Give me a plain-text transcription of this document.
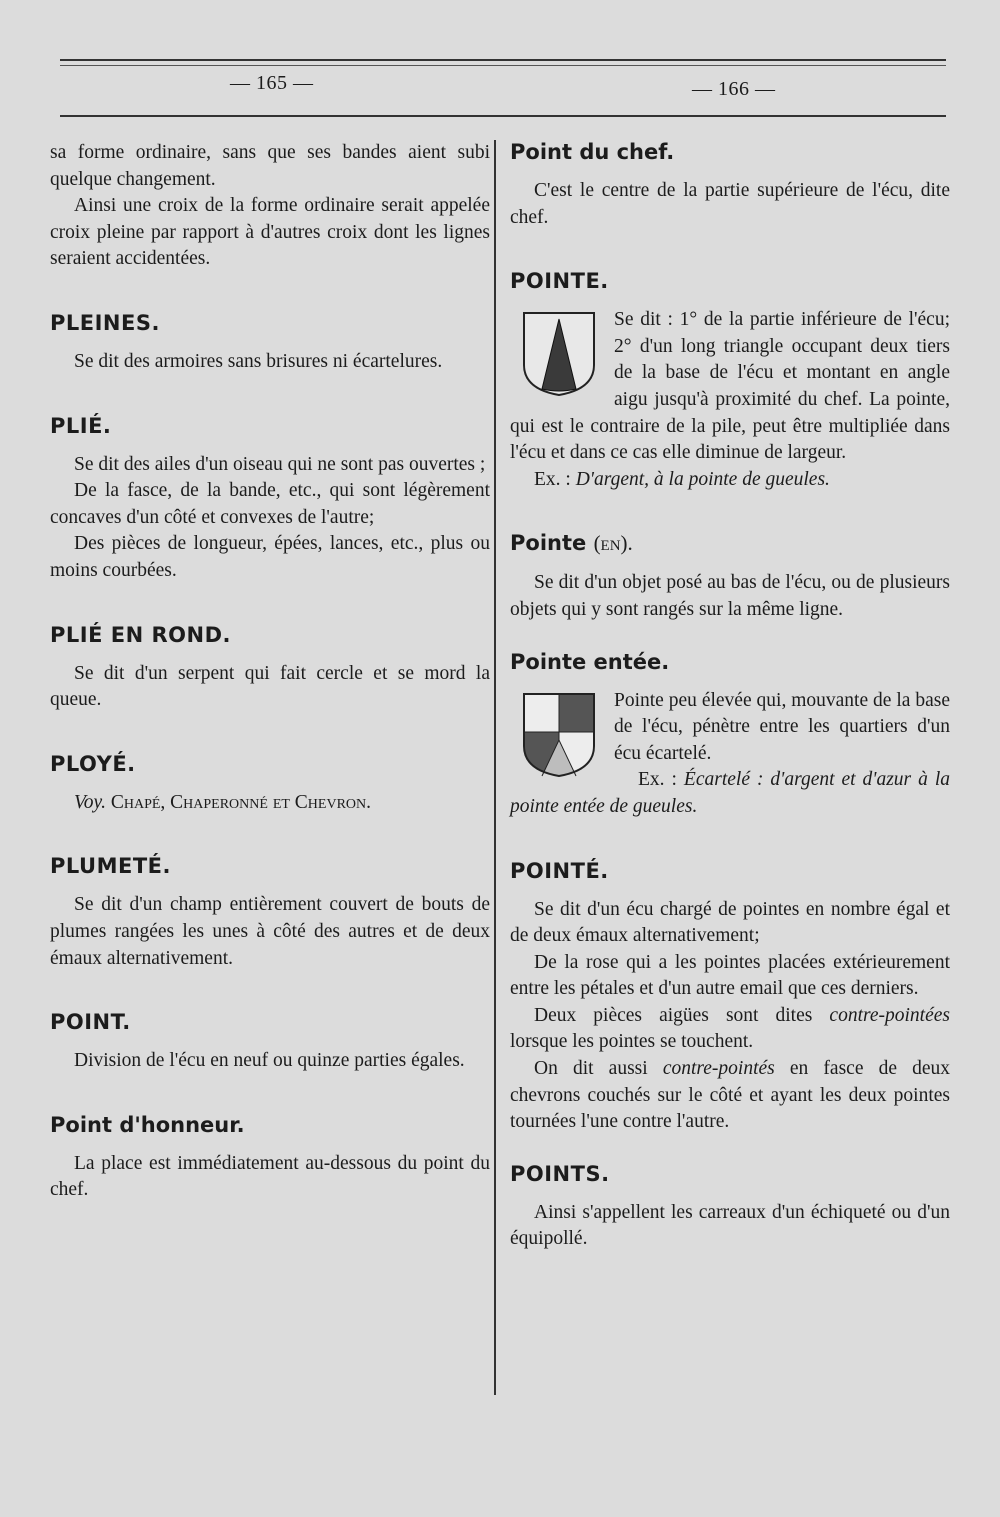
— 165 —	— 166 —

sa forme ordinaire, sans que ses bandes aient subi quelque changement.

Ainsi une croix de la forme ordinaire serait appelée croix pleine par rapport à d'autres croix dont les lignes seraient accidentées.

PLEINES.

Se dit des armoires sans brisures ni écartelures.

PLIÉ.

Se dit des ailes d'un oiseau qui ne sont pas ouvertes ;

De la fasce, de la bande, etc., qui sont légèrement concaves d'un côté et convexes de l'autre;

Des pièces de longueur, épées, lances, etc., plus ou moins courbées.

PLIÉ EN ROND.

Se dit d'un serpent qui fait cercle et se mord la queue.

PLOYÉ.

Voy. Chapé, Chaperonné et Chevron.

PLUMETÉ.

Se dit d'un champ entièrement couvert de bouts de plumes rangées les unes à côté des autres et de deux émaux alternativement.

POINT.

Division de l'écu en neuf ou quinze parties égales.

Point d'honneur.

La place est immédiatement au-dessous du point du chef.

Point du chef.

C'est le centre de la partie supérieure de l'écu, dite chef.

POINTE.

Se dit : 1° de la partie inférieure de l'écu; 2° d'un long triangle occupant deux tiers de la base de l'écu et montant en angle aigu jusqu'à proximité du chef. La pointe, qui est le contraire de la pile, peut être multipliée dans l'écu et dans ce cas elle diminue de largeur.

Ex. : D'argent, à la pointe de gueules.

Pointe (en).

Se dit d'un objet posé au bas de l'écu, ou de plusieurs objets qui y sont rangés sur la même ligne.

Pointe entée.

Pointe peu élevée qui, mouvante de la base de l'écu, pénètre entre les quartiers d'un écu écartelé.

Ex. : Écartelé : d'argent et d'azur à la pointe entée de gueules.

POINTÉ.

Se dit d'un écu chargé de pointes en nombre égal et de deux émaux alternativement;

De la rose qui a les pointes placées extérieurement entre les pétales et d'un autre email que ces derniers.

Deux pièces aigües sont dites contre-pointées lorsque les pointes se touchent.

On dit aussi contre-pointés en fasce de deux chevrons couchés sur le côté et ayant les deux pointes tournées l'une contre l'autre.

POINTS.

Ainsi s'appellent les carreaux d'un échiqueté ou d'un équipollé.
